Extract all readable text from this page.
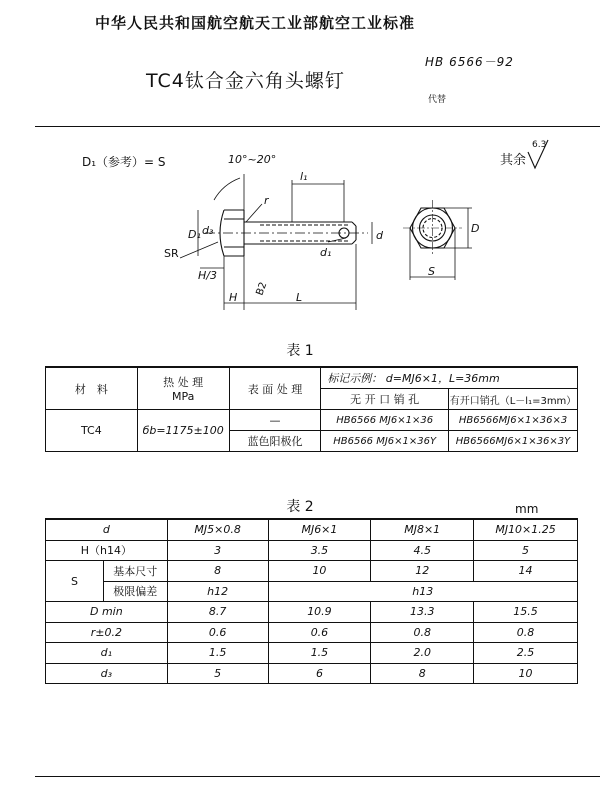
中华人民共和国航空航天工业部航空工业标准
HB 6566－92
代替
TC4钛合金六角头螺钉
D₁（参考）= S	10°~20°	其余
6.3
l₁
r
D₁ d₃
SR
H/3
B2
H	L
d
d₁
D
S
表 1
材　料	热 处 理
MPa	表 面 处 理	标记示例： d=MJ6×1，L=36mm	
			无 开 口 销 孔	有开口销孔（L－l₁=3mm）
TC4	бb=1175±100	—	HB6566 MJ6×1×36	HB6566MJ6×1×36×3
		蓝色阳极化	HB6566 MJ6×1×36Y	HB6566MJ6×1×36×3Y
表 2	mm
d		MJ5×0.8	MJ6×1	MJ8×1	MJ10×1.25
H（h14）		3	3.5	4.5	5
S	基本尺寸	8	10	12	14
	极限偏差	h12	h13		
D min		8.7	10.9	13.3	15.5
r±0.2		0.6	0.6	0.8	0.8
d₁		1.5	1.5	2.0	2.5
d₃		5	6	8	10
